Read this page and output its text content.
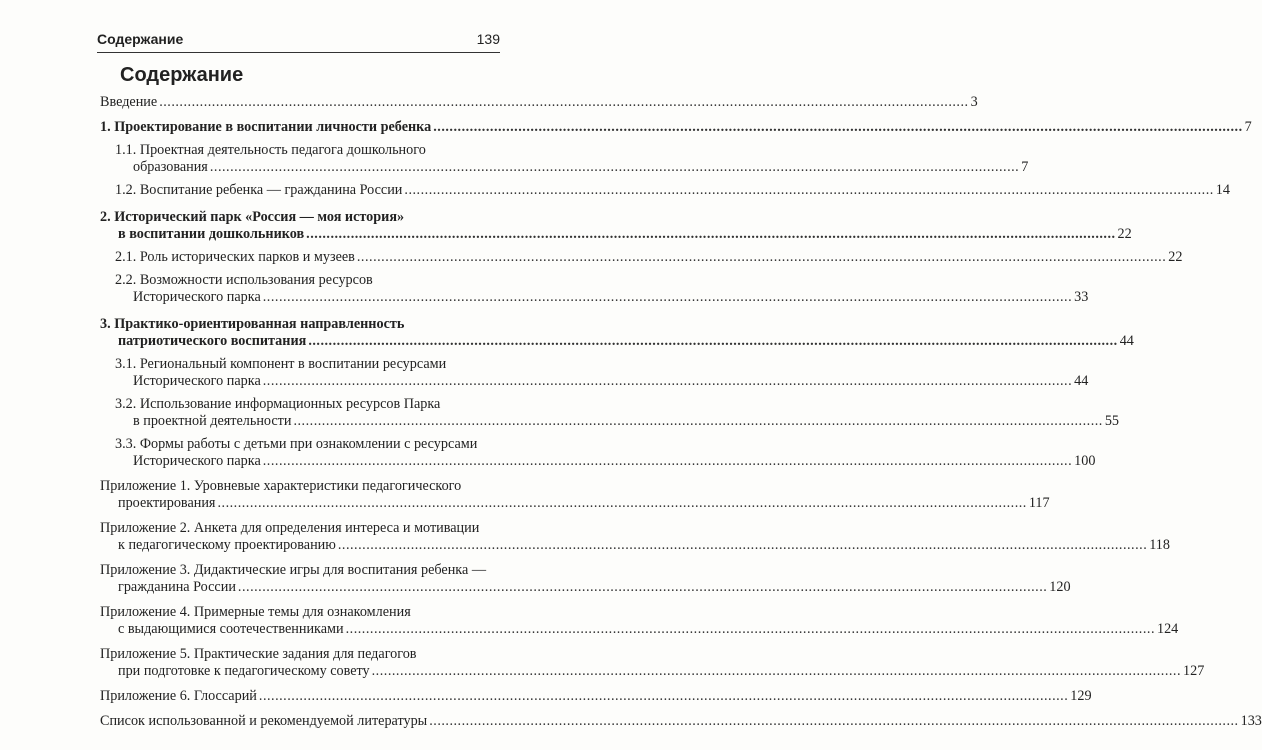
Содержание	139
Содержание
Введение ........................................................................................................................................................................................................ 3
1. Проектирование в воспитании личности ребенка ........................................................................................................................................................................................................ 7
1.1. Проектная деятельность педагога дошкольного
образования ........................................................................................................................................................................................................ 7
1.2. Воспитание ребенка — гражданина России ........................................................................................................................................................................................................ 14
2. Исторический парк «Россия — моя история»
в воспитании дошкольников ........................................................................................................................................................................................................ 22
2.1. Роль исторических парков и музеев ........................................................................................................................................................................................................ 22
2.2. Возможности использования ресурсов
Исторического парка ........................................................................................................................................................................................................ 33
3. Практико-ориентированная направленность
патриотического воспитания ........................................................................................................................................................................................................ 44
3.1. Региональный компонент в воспитании ресурсами
Исторического парка ........................................................................................................................................................................................................ 44
3.2. Использование информационных ресурсов Парка
в проектной деятельности ........................................................................................................................................................................................................ 55
3.3. Формы работы с детьми при ознакомлении с ресурсами
Исторического парка ........................................................................................................................................................................................................ 100
Приложение 1. Уровневые характеристики педагогического
проектирования ........................................................................................................................................................................................................ 117
Приложение 2. Анкета для определения интереса и мотивации
к педагогическому проектированию ........................................................................................................................................................................................................ 118
Приложение 3. Дидактические игры для воспитания ребенка —
гражданина России ........................................................................................................................................................................................................ 120
Приложение 4. Примерные темы для ознакомления
с выдающимися соотечественниками ........................................................................................................................................................................................................ 124
Приложение 5. Практические задания для педагогов
при подготовке к педагогическому совету ........................................................................................................................................................................................................ 127
Приложение 6. Глоссарий ........................................................................................................................................................................................................ 129
Список использованной и рекомендуемой литературы ........................................................................................................................................................................................................ 133
